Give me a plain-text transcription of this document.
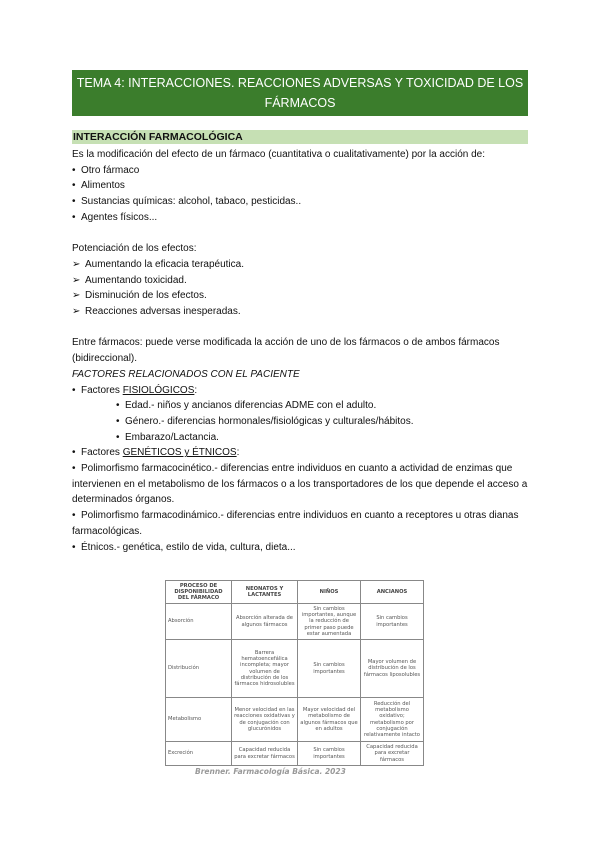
TEMA 4: INTERACCIONES. REACCIONES ADVERSAS Y TOXICIDAD DE LOS FÁRMACOS
INTERACCIÓN FARMACOLÓGICA
Es la modificación del efecto de un fármaco (cuantitativa o cualitativamente) por la acción de:
• Otro fármaco
• Alimentos
• Sustancias químicas: alcohol, tabaco, pesticidas..
• Agentes físicos...
Potenciación de los efectos:
➢ Aumentando la eficacia terapéutica.
➢ Aumentando toxicidad.
➢ Disminución de los efectos.
➢ Reacciones adversas inesperadas.
Entre fármacos: puede verse modificada la acción de uno de los fármacos o de ambos fármacos (bidireccional).
FACTORES RELACIONADOS CON EL PACIENTE
• Factores FISIOLÓGICOS:
• Edad.- niños y ancianos diferencias ADME con el adulto.
• Género.- diferencias hormonales/fisiológicas y culturales/hábitos.
• Embarazo/Lactancia.
• Factores GENÉTICOS y ÉTNICOS:
• Polimorfismo farmacocinético.- diferencias entre individuos en cuanto a actividad de enzimas que intervienen en el metabolismo de los fármacos o a los transportadores de los que depende el acceso a determinados órganos.
• Polimorfismo farmacodinámico.- diferencias entre individuos en cuanto a receptores u otras dianas farmacológicas.
• Étnicos.- genética, estilo de vida, cultura, dieta...
PROCESO DE DISPONIBILIDAD DEL FÁRMACO	NEONATOS Y LACTANTES	NIÑOS	ANCIANOS
Absorción	Absorción alterada de algunos fármacos	Sin cambios importantes, aunque la reducción de primer paso puede estar aumentada	Sin cambios importantes
Distribución	Barrera hematoencefálica incompleta; mayor volumen de distribución de los fármacos hidrosolubles	Sin cambios importantes	Mayor volumen de distribución de los fármacos liposolubles
Metabolismo	Menor velocidad en las reacciones oxidativas y de conjugación con glucurónidos	Mayor velocidad del metabolismo de algunos fármacos que en adultos	Reducción del metabolismo oxidativo; metabolismo por conjugación relativamente intacto
Excreción	Capacidad reducida para excretar fármacos	Sin cambios importantes	Capacidad reducida para excretar fármacos
Brenner. Farmacología Básica. 2023
